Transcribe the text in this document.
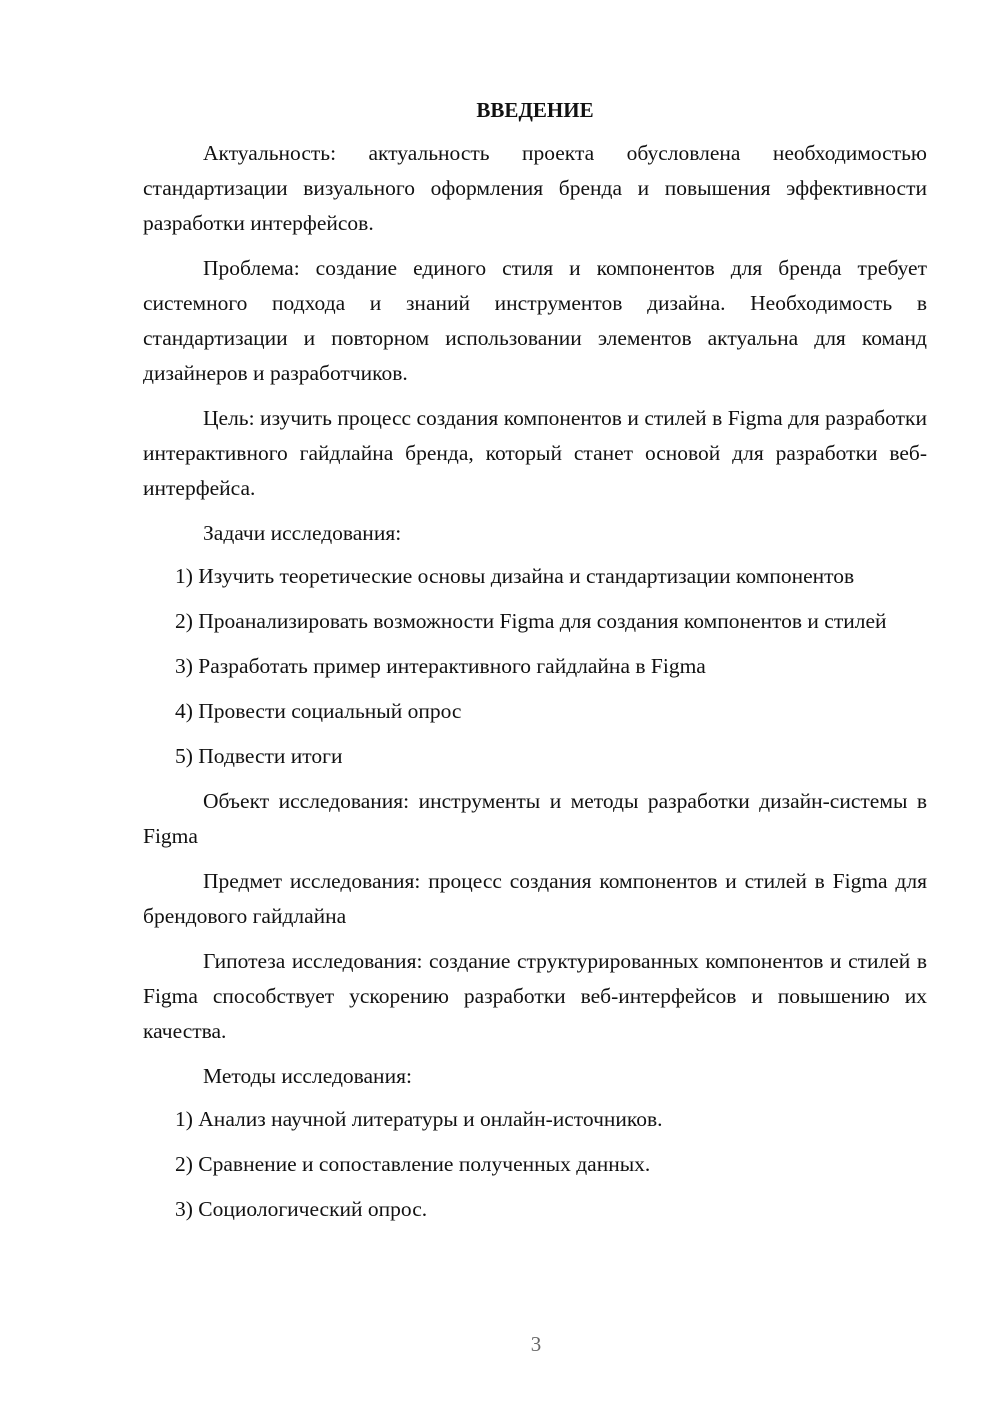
ВВЕДЕНИЕ

Актуальность: актуальность проекта обусловлена необходимостью стандартизации визуального оформления бренда и повышения эффективности разработки интерфейсов.

Проблема: создание единого стиля и компонентов для бренда требует системного подхода и знаний инструментов дизайна. Необходимость в стандартизации и повторном использовании элементов актуальна для команд дизайнеров и разработчиков.

Цель: изучить процесс создания компонентов и стилей в Figma для разработки интерактивного гайдлайна бренда, который станет основой для разработки веб-интерфейса.

Задачи исследования:

1) Изучить теоретические основы дизайна и стандартизации компонентов

2) Проанализировать возможности Figma для создания компонентов и стилей

3) Разработать пример интерактивного гайдлайна в Figma

4) Провести социальный опрос

5) Подвести итоги

Объект исследования: инструменты и методы разработки дизайн-системы в Figma

Предмет исследования: процесс создания компонентов и стилей в Figma для брендового гайдлайна

Гипотеза исследования: создание структурированных компонентов и стилей в Figma способствует ускорению разработки веб-интерфейсов и повышению их качества.

Методы исследования:

1) Анализ научной литературы и онлайн-источников.

2) Сравнение и сопоставление полученных данных.

3) Социологический опрос.

3
